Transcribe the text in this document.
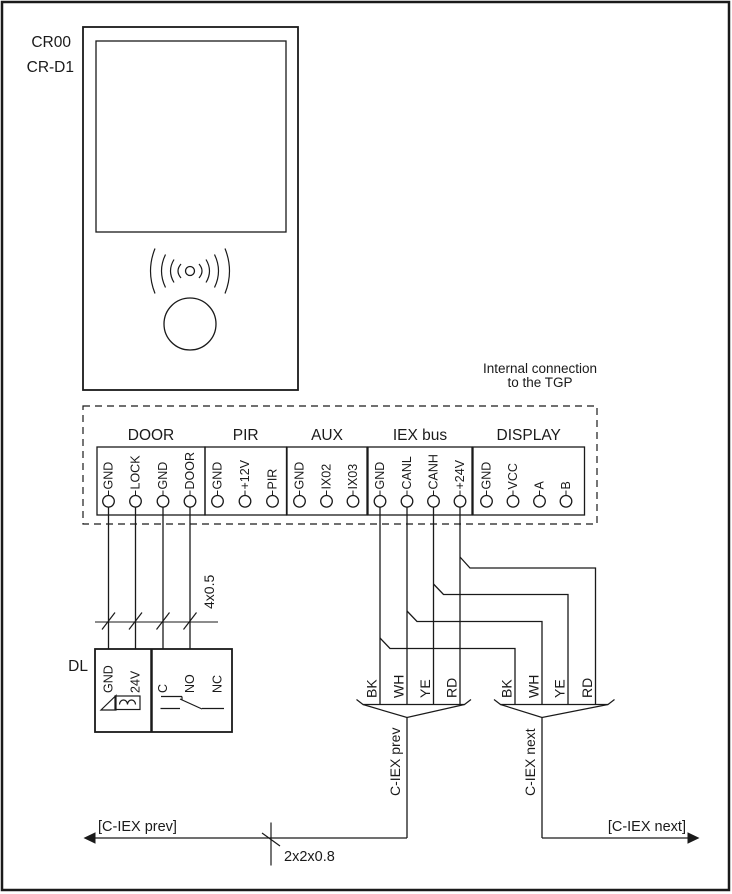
CR00
CR-D1
Internal connection
to the TGP
DOOR
GND LOCK GND DOOR
PIR
GND +12V PIR
AUX
GND IX02 IX03
IEX bus
GND CANL CANH +24V
DISPLAY
GND VCC A B
4x0.5
DL GND 24V C NO NC	BK WH YE RD	BK WH YE RD
C-IEX prev	C-IEX next
[C-IEX prev]
2x2x0.8
[C-IEX next]
